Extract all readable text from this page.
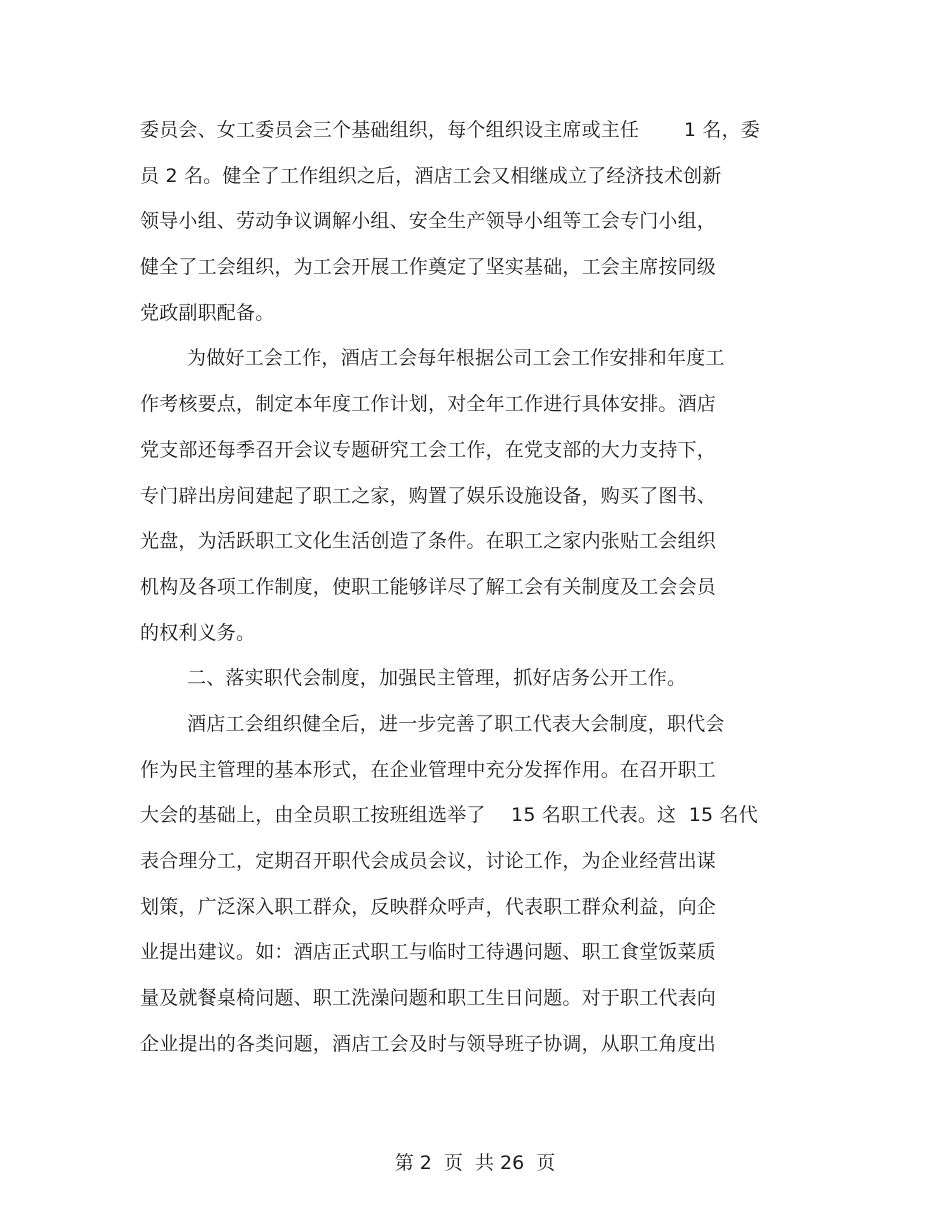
委员会、女工委员会三个基础组织，每个组织设主席或主任　　 1 名，委
员 2 名。健全了工作组织之后，酒店工会又相继成立了经济技术创新
领导小组、劳动争议调解小组、安全生产领导小组等工会专门小组，
健全了工会组织，为工会开展工作奠定了坚实基础，工会主席按同级
党政副职配备。
为做好工会工作，酒店工会每年根据公司工会工作安排和年度工
作考核要点，制定本年度工作计划，对全年工作进行具体安排。酒店
党支部还每季召开会议专题研究工会工作，在党支部的大力支持下，
专门辟出房间建起了职工之家，购置了娱乐设施设备，购买了图书、
光盘，为活跃职工文化生活创造了条件。在职工之家内张贴工会组织
机构及各项工作制度，使职工能够详尽了解工会有关制度及工会会员
的权利义务。
二、落实职代会制度，加强民主管理，抓好店务公开工作。
酒店工会组织健全后，进一步完善了职工代表大会制度，职代会
作为民主管理的基本形式，在企业管理中充分发挥作用。在召开职工
大会的基础上，由全员职工按班组选举了　 15 名职工代表。这  15 名代
表合理分工，定期召开职代会成员会议，讨论工作，为企业经营出谋
划策，广泛深入职工群众，反映群众呼声，代表职工群众利益，向企
业提出建议。如：酒店正式职工与临时工待遇问题、职工食堂饭菜质
量及就餐桌椅问题、职工洗澡问题和职工生日问题。对于职工代表向
企业提出的各类问题，酒店工会及时与领导班子协调，从职工角度出
第 2  页  共 26  页
